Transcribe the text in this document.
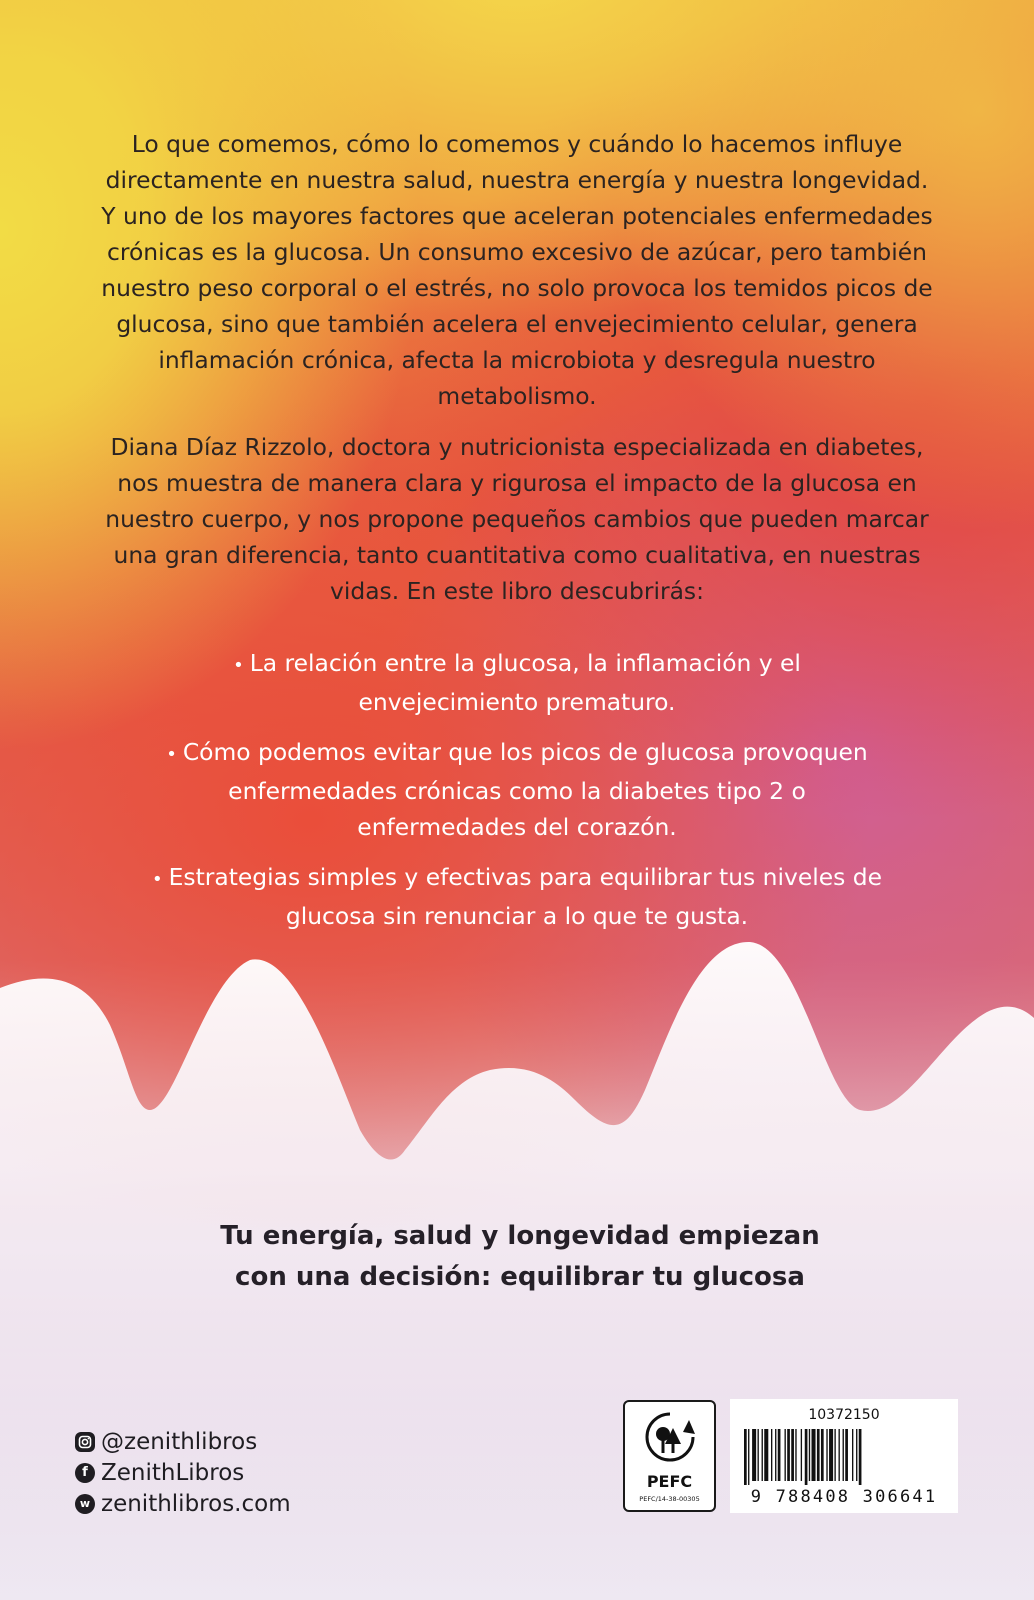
Lo que comemos, cómo lo comemos y cuándo lo hacemos influye directamente en nuestra salud, nuestra energía y nuestra longevidad. Y uno de los mayores factores que aceleran potenciales enfermedades crónicas es la glucosa. Un consumo excesivo de azúcar, pero también nuestro peso corporal o el estrés, no solo provoca los temidos picos de glucosa, sino que también acelera el envejecimiento celular, genera inflamación crónica, afecta la microbiota y desregula nuestro metabolismo.

Diana Díaz Rizzolo, doctora y nutricionista especializada en diabetes, nos muestra de manera clara y rigurosa el impacto de la glucosa en nuestro cuerpo, y nos propone pequeños cambios que pueden marcar una gran diferencia, tanto cuantitativa como cualitativa, en nuestras vidas. En este libro descubrirás:

• La relación entre la glucosa, la inflamación y el envejecimiento prematuro.
• Cómo podemos evitar que los picos de glucosa provoquen enfermedades crónicas como la diabetes tipo 2 o enfermedades del corazón.
• Estrategias simples y efectivas para equilibrar tus niveles de glucosa sin renunciar a lo que te gusta.

Tu energía, salud y longevidad empiezan
con una decisión: equilibrar tu glucosa

@zenithlibros
f ZenithLibros
w zenithlibros.com
PEFC
PEFC/14-38-00305
10372150
9 788408 306641
